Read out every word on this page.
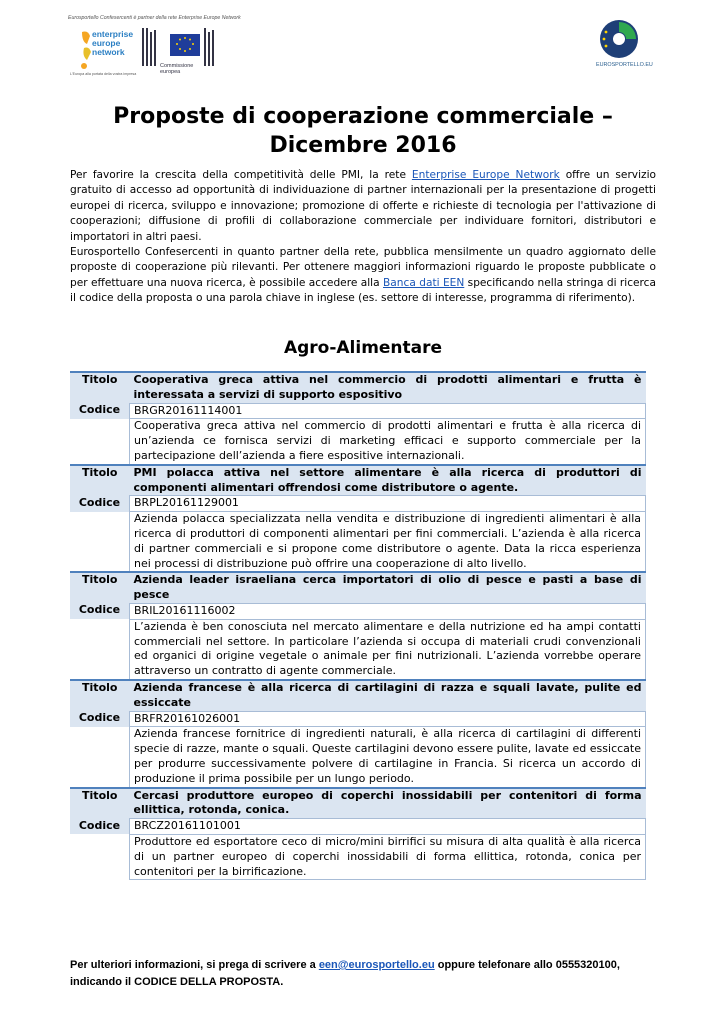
Eurosportello Confesercenti è partner della rete Enterprise Europe Network
enterprise
europe
network
L'Europa alla portata della vostra impresa
Commissione
europea
EUROSPORTELLO.EU
Proposte di cooperazione commerciale – Dicembre 2016

Per favorire la crescita della competitività delle PMI, la rete Enterprise Europe Network offre un servizio gratuito di accesso ad opportunità di individuazione di partner internazionali per la presentazione di progetti europei di ricerca, sviluppo e innovazione; promozione di offerte e richieste di tecnologia per l'attivazione di cooperazioni; diffusione di profili di collaborazione commerciale per individuare fornitori, distributori e importatori in altri paesi.

Eurosportello Confesercenti in quanto partner della rete, pubblica mensilmente un quadro aggiornato delle proposte di cooperazione più rilevanti. Per ottenere maggiori informazioni riguardo le proposte pubblicate o per effettuare una nuova ricerca, è possibile accedere alla Banca dati EEN specificando nella stringa di ricerca il codice della proposta o una parola chiave in inglese (es. settore di interesse, programma di riferimento).

Agro-Alimentare
Titolo	Cooperativa greca attiva nel commercio di prodotti alimentari e frutta è interessata a servizi di supporto espositivo
Codice	BRGR20161114001
	Cooperativa greca attiva nel commercio di prodotti alimentari e frutta è alla ricerca di un’azienda ce fornisca servizi di marketing efficaci e supporto commerciale per la partecipazione dell’azienda a fiere espositive internazionali.
Titolo	PMI polacca attiva nel settore alimentare è alla ricerca di produttori di componenti alimentari offrendosi come distributore o agente.
Codice	BRPL20161129001
	Azienda polacca specializzata nella vendita e distribuzione di ingredienti alimentari è alla ricerca di produttori di componenti alimentari per fini commerciali. L’azienda è alla ricerca di partner commerciali e si propone come distributore o agente. Data la ricca esperienza nei processi di distribuzione può offrire una cooperazione di alto livello.
Titolo	Azienda leader israeliana cerca importatori di olio di pesce e pasti a base di pesce
Codice	BRIL20161116002
	L’azienda è ben conosciuta nel mercato alimentare e della nutrizione ed ha ampi contatti commerciali nel settore. In particolare l’azienda si occupa di materiali crudi convenzionali ed organici di origine vegetale o animale per fini nutrizionali. L’azienda vorrebbe operare attraverso un contratto di agente commerciale.
Titolo	Azienda francese è alla ricerca di cartilagini di razza e squali lavate, pulite ed essiccate
Codice	BRFR20161026001
	Azienda francese fornitrice di ingredienti naturali, è alla ricerca di cartilagini di differenti specie di razze, mante o squali. Queste cartilagini devono essere pulite, lavate ed essiccate per produrre successivamente polvere di cartilagine in Francia. Si ricerca un accordo di produzione il prima possibile per un lungo periodo.
Titolo	Cercasi produttore europeo di coperchi inossidabili per contenitori di forma ellittica, rotonda, conica.
Codice	BRCZ20161101001
	Produttore ed esportatore ceco di micro/mini birrifici su misura di alta qualità è alla ricerca di un partner europeo di coperchi inossidabili di forma ellittica, rotonda, conica per contenitori per la birrificazione.
Per ulteriori informazioni, si prega di scrivere a een@eurosportello.eu oppure telefonare allo 0555320100, indicando il CODICE DELLA PROPOSTA.
